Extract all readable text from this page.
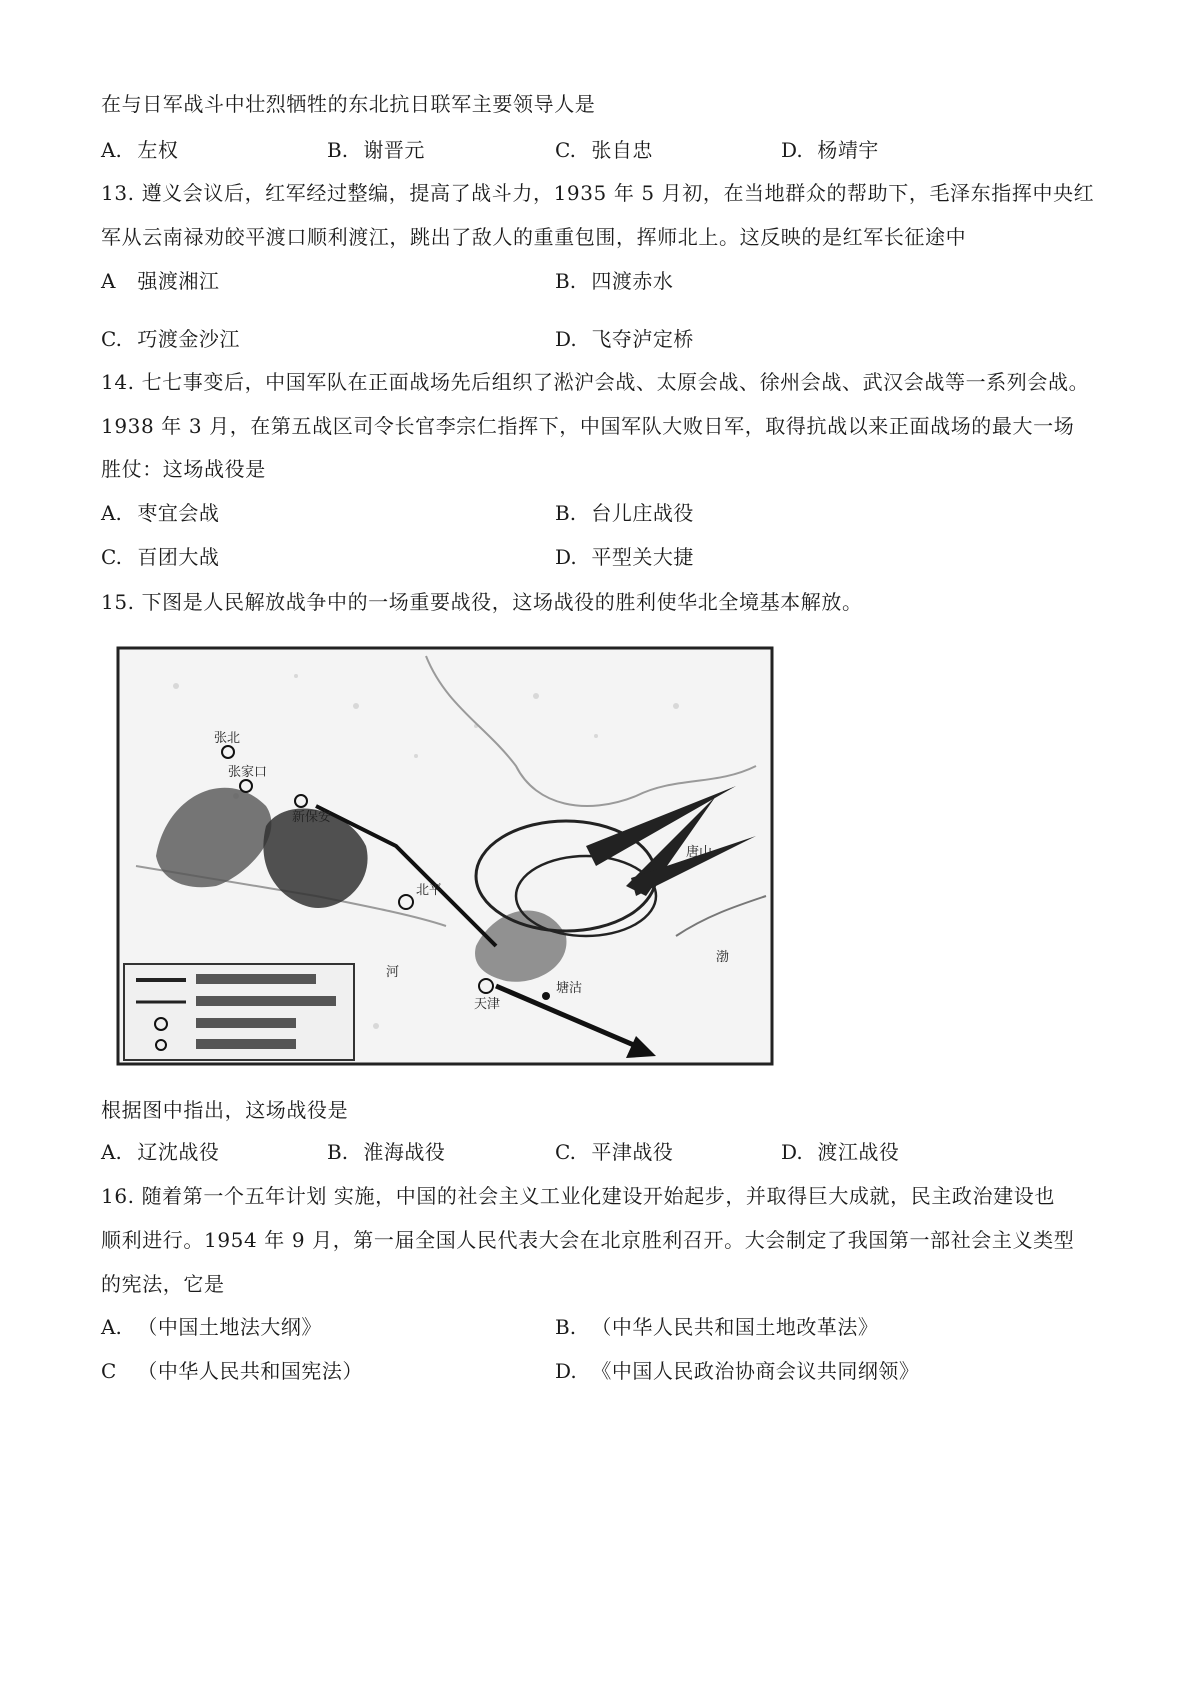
在与日军战斗中壮烈牺牲的东北抗日联军主要领导人是
A. 左权	B. 谢晋元	C. 张自忠	D. 杨靖宇
13. 遵义会议后，红军经过整编，提高了战斗力，1935 年 5 月初，在当地群众的帮助下，毛泽东指挥中央红
军从云南禄劝皎平渡口顺利渡江，跳出了敌人的重重包围，挥师北上。这反映的是红军长征途中
A 强渡湘江	B. 四渡赤水
C. 巧渡金沙江	D. 飞夺泸定桥
14. 七七事变后，中国军队在正面战场先后组织了淞沪会战、太原会战、徐州会战、武汉会战等一系列会战。
1938 年 3 月，在第五战区司令长官李宗仁指挥下，中国军队大败日军，取得抗战以来正面战场的最大一场
胜仗：这场战役是
A. 枣宜会战	B. 台儿庄战役
C. 百团大战	D. 平型关大捷
15. 下图是人民解放战争中的一场重要战役，这场战役的胜利使华北全境基本解放。
张北
张家口
新保安
北平
天津
塘沽
唐山
渤
河
根据图中指出，这场战役是
A. 辽沈战役	B. 淮海战役	C. 平津战役	D. 渡江战役
16. 随着第一个五年计划 实施，中国的社会主义工业化建设开始起步，并取得巨大成就，民主政治建设也
顺利进行。1954 年 9 月，第一届全国人民代表大会在北京胜利召开。大会制定了我国第一部社会主义类型
的宪法，它是
A. （中国土地法大纲》	B. （中华人民共和国土地改革法》
C （中华人民共和国宪法）	D. 《中国人民政治协商会议共同纲领》
